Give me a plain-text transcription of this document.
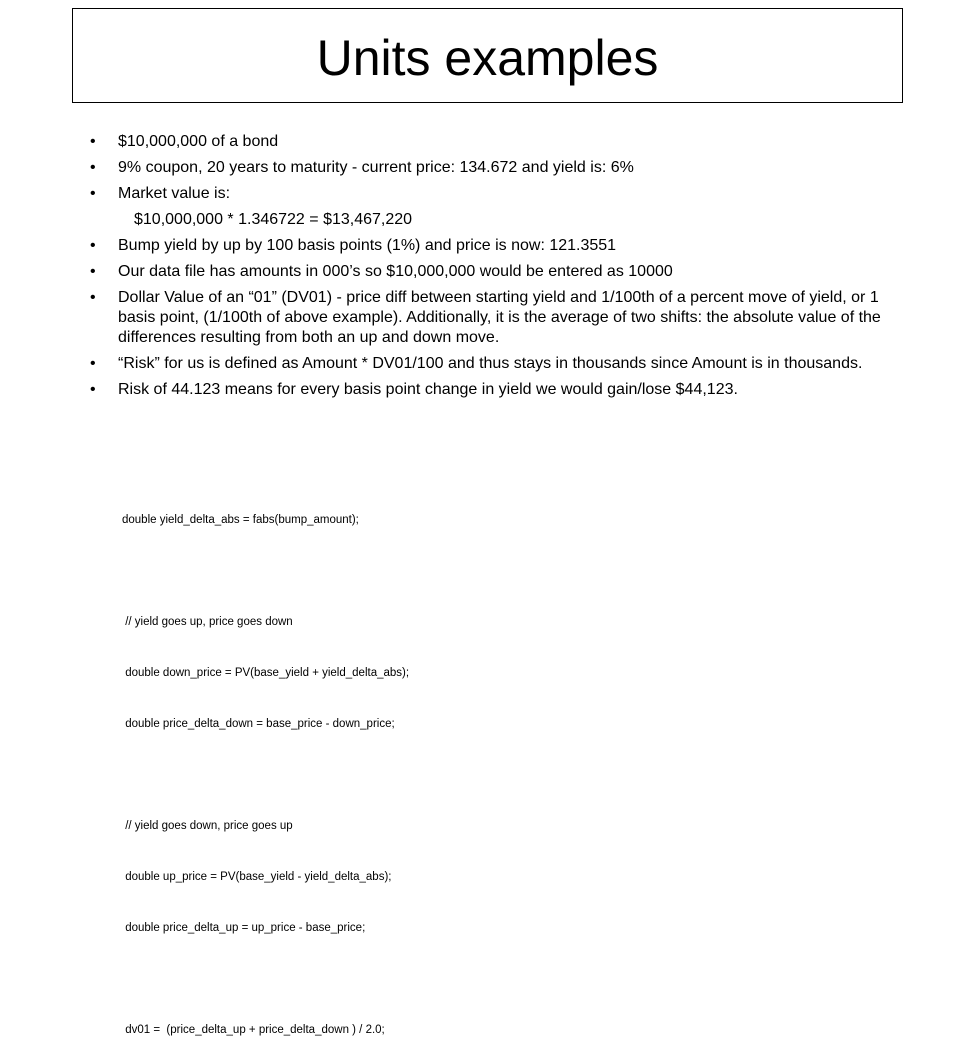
Units examples
• $10,000,000 of a bond
• 9% coupon, 20 years to maturity - current price: 134.672 and yield is: 6%
• Market value is:
$10,000,000 * 1.346722 = $13,467,220
• Bump yield by up by 100 basis points (1%) and price is now: 121.3551
• Our data file has amounts in 000’s so $10,000,000 would be entered as 10000
• Dollar Value of an “01” (DV01) - price diff between starting yield and 1/100th of a percent move of yield, or 1 basis point, (1/100th of above example). Additionally, it is the average of two shifts: the absolute value of the differences resulting from both an up and down move.
• “Risk” for us is defined as Amount * DV01/100 and thus stays in thousands since Amount is in thousands.
• Risk of 44.123 means for every basis point change in yield we would gain/lose $44,123.

double yield_delta_abs = fabs(bump_amount);

// yield goes up, price goes down

double down_price = PV(base_yield + yield_delta_abs);

double price_delta_down = base_price - down_price;

// yield goes down, price goes up

double up_price = PV(base_yield - yield_delta_abs);

double price_delta_up = up_price - base_price;

dv01 =  (price_delta_up + price_delta_down ) / 2.0;
